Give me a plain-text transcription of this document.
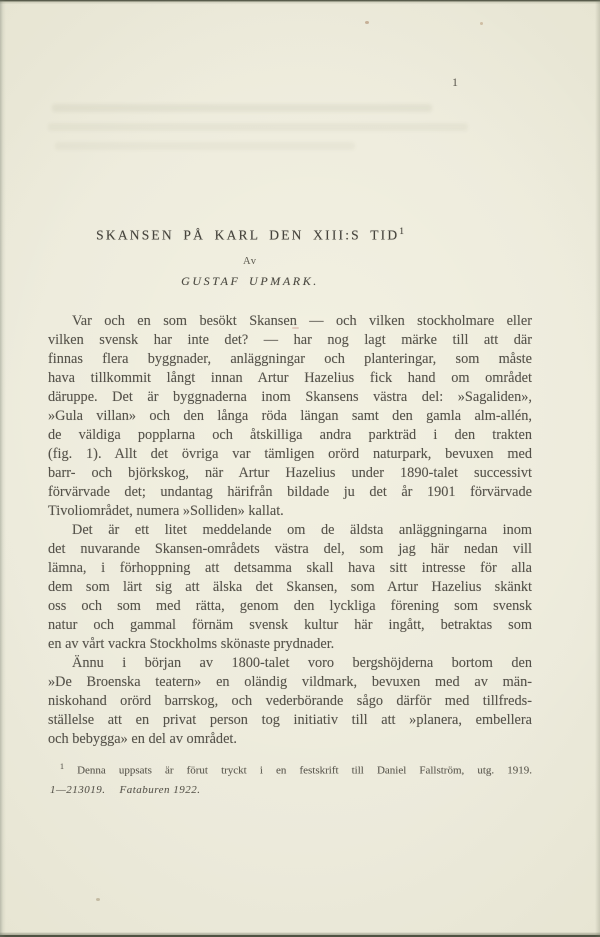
1
SKANSEN PÅ KARL DEN XIII:S TID$^1$
Av
GUSTAF UPMARK.
Var och en som besökt Skansen — och vilken stockholmare eller
vilken svensk har inte det? — har nog lagt märke till att där
finnas flera byggnader, anläggningar och planteringar, som måste
hava tillkommit långt innan Artur Hazelius fick hand om området
däruppe. Det är byggnaderna inom Skansens västra del: »Sagaliden»,
»Gula villan» och den långa röda längan samt den gamla alm-allén,
de väldiga popplarna och åtskilliga andra parkträd i den trakten
(fig. 1). Allt det övriga var tämligen orörd naturpark, bevuxen med
barr- och björkskog, när Artur Hazelius under 1890-talet successivt
förvärvade det; undantag härifrån bildade ju det år 1901 förvärvade
Tivoliområdet, numera »Solliden» kallat.
Det är ett litet meddelande om de äldsta anläggningarna inom
det nuvarande Skansen-områdets västra del, som jag här nedan vill
lämna, i förhoppning att detsamma skall hava sitt intresse för alla
dem som lärt sig att älska det Skansen, som Artur Hazelius skänkt
oss och som med rätta, genom den lyckliga förening som svensk
natur och gammal förnäm svensk kultur här ingått, betraktas som
en av vårt vackra Stockholms skönaste prydnader.
Ännu i början av 1800-talet voro bergshöjderna bortom den
»De Broenska teatern» en oländig vildmark, bevuxen med av män-
niskohand orörd barrskog, och vederbörande sågo därför med tillfreds-
ställelse att en privat person tog initiativ till att »planera, embellera
och bebygga» en del av området.
$^1$ Denna uppsats är förut tryckt i en festskrift till Daniel Fallström, utg. 1919.
1—213019. Fataburen 1922.
